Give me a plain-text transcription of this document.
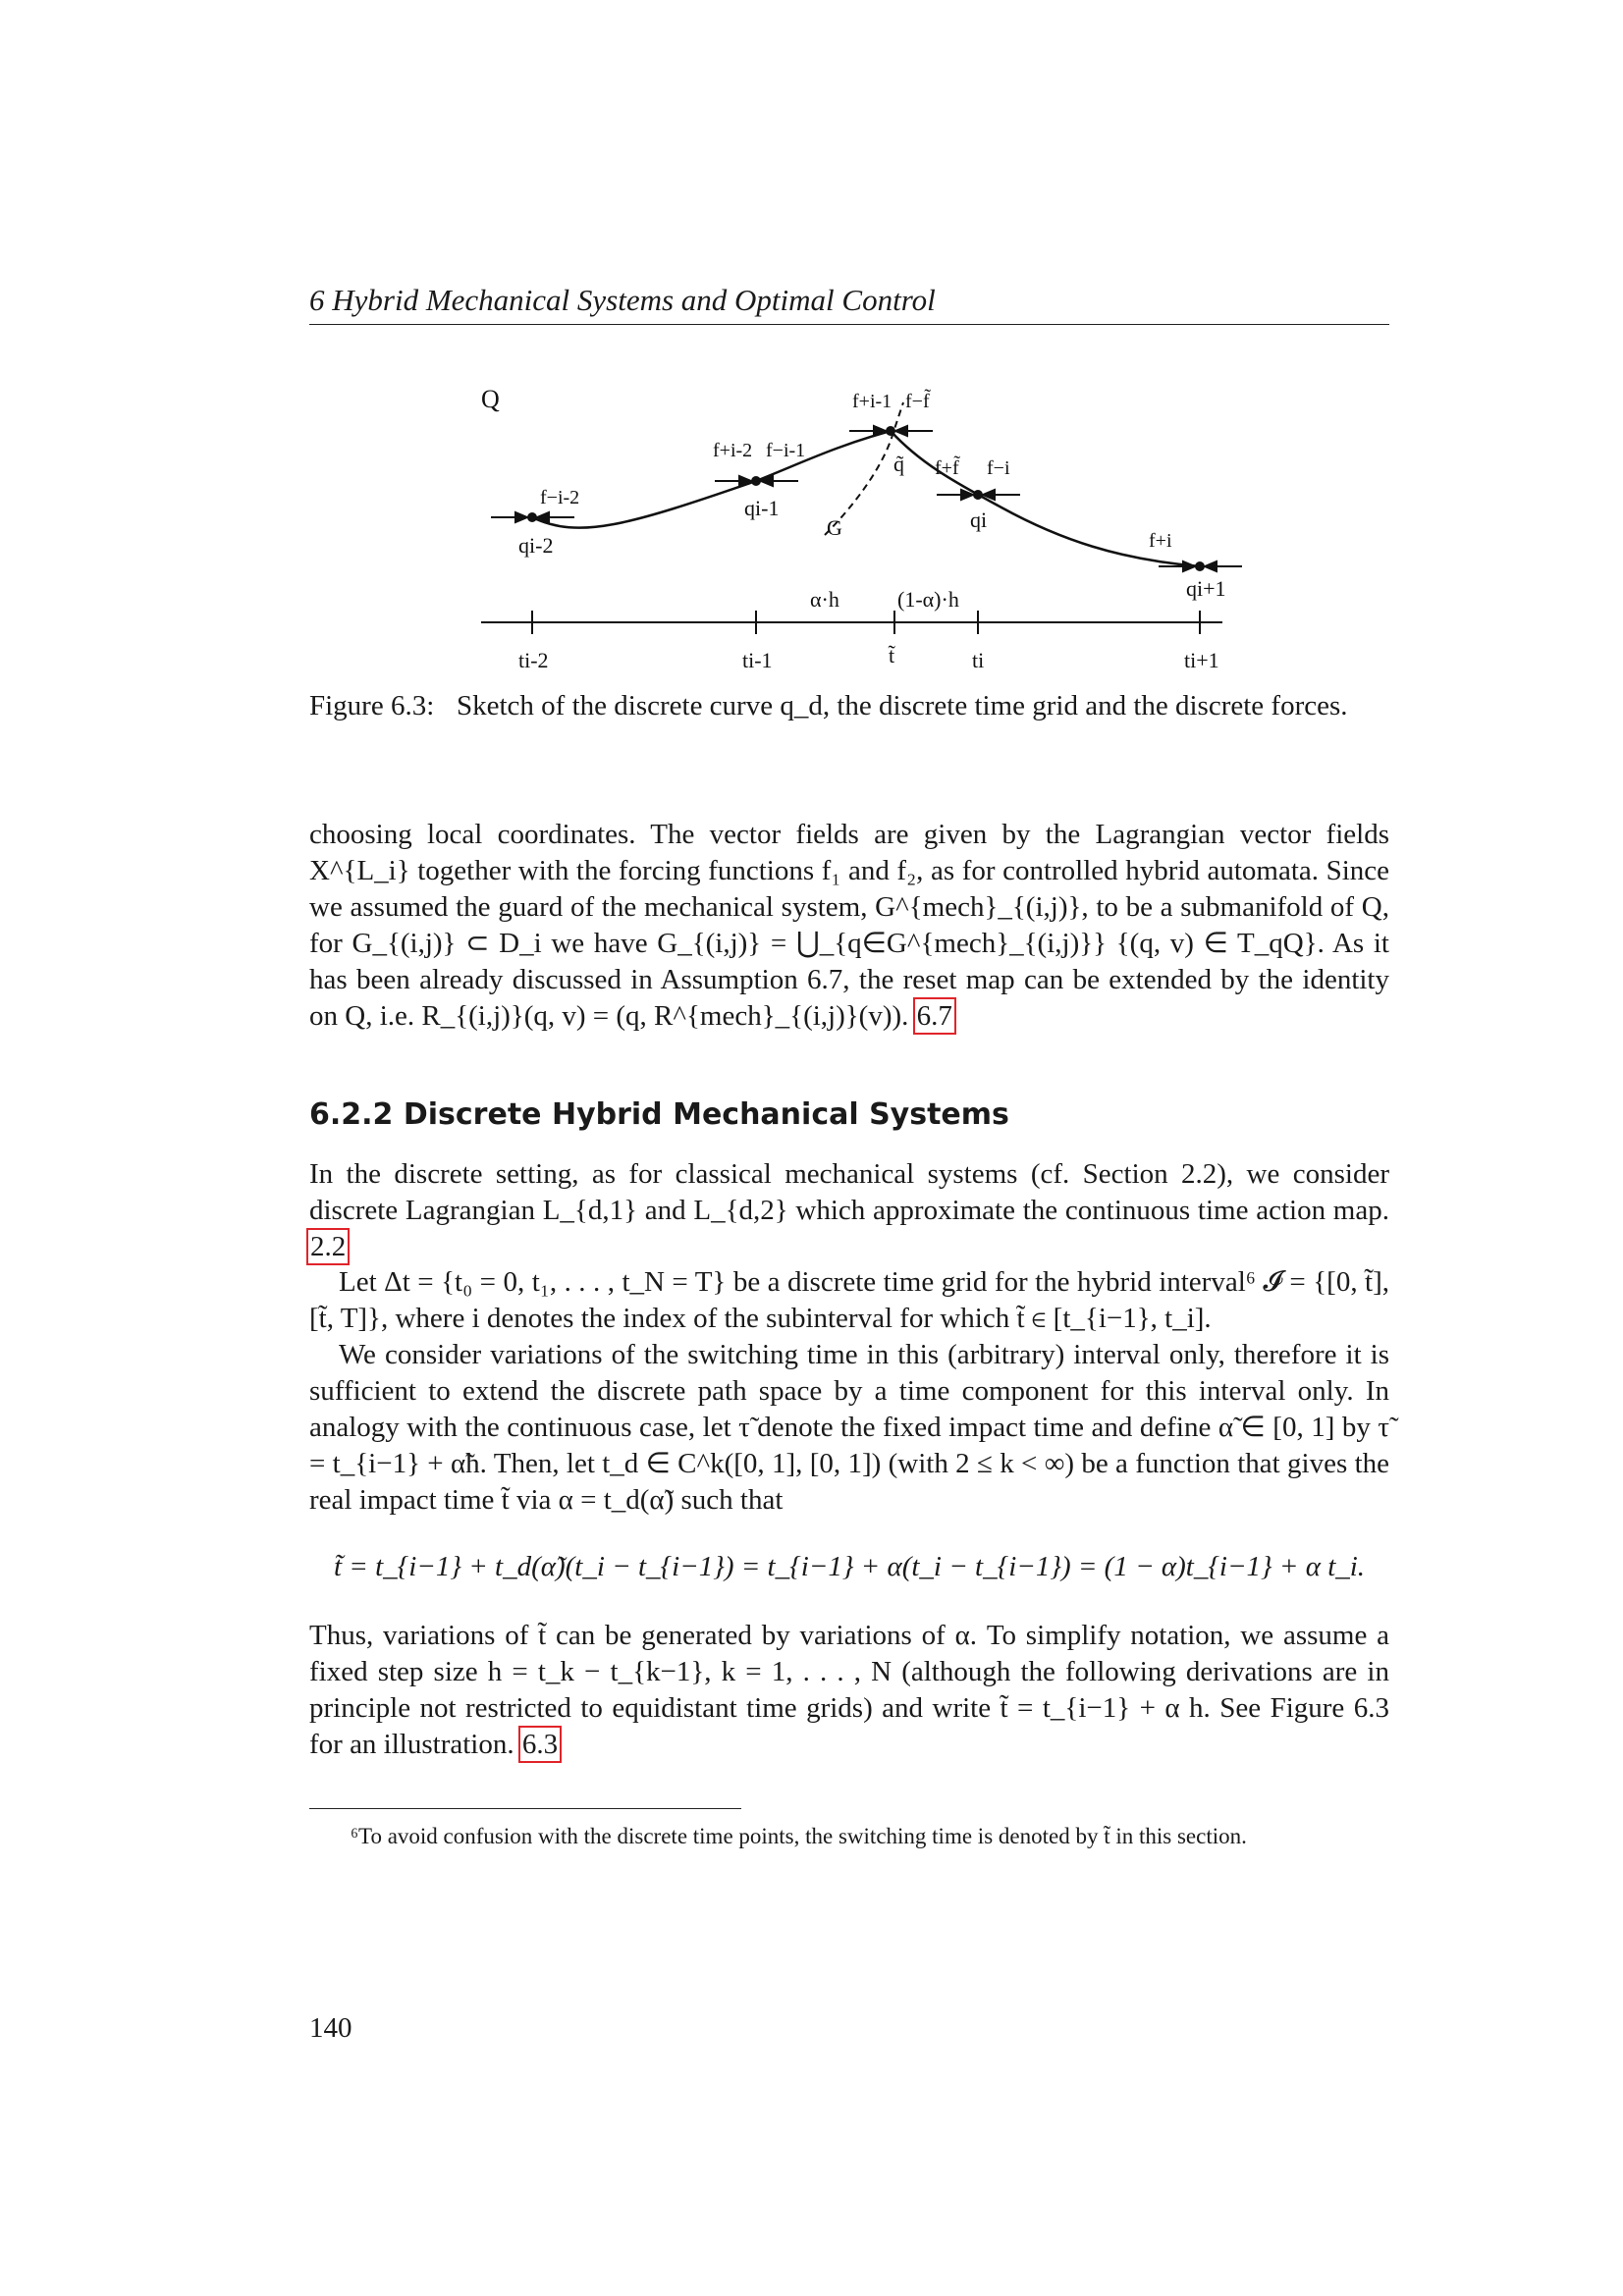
6 Hybrid Mechanical Systems and Optimal Control
Q
qi-2
qi-1
q̃
G	qi
qi+1
f−i-2
f+i-2 f−i-1
f+i-1 f−f̃
f+f̃ f−i
f+i
α·h	(1-α)·h
ti-2	ti-1	t̃	ti	ti+1
Figure 6.3: Sketch of the discrete curve q_d, the discrete time grid and the discrete forces.
choosing local coordinates. The vector fields are given by the Lagrangian vector fields X^{L_i} together with the forcing functions f₁ and f₂, as for controlled hybrid automata. Since we assumed the guard of the mechanical system, G^{mech}_{(i,j)}, to be a submanifold of Q, for G_{(i,j)} ⊂ D_i we have G_{(i,j)} = ⋃_{q∈G^{mech}_{(i,j)}} {(q, v) ∈ T_qQ}. As it has been already discussed in Assumption 6.7, the reset map can be extended by the identity on Q, i.e. R_{(i,j)}(q, v) = (q, R^{mech}_{(i,j)}(v)). 6.7
6.2.2 Discrete Hybrid Mechanical Systems
In the discrete setting, as for classical mechanical systems (cf. Section 2.2), we consider discrete Lagrangian L_{d,1} and L_{d,2} which approximate the continuous time action map. 2.2
Let Δt = {t₀ = 0, t₁, . . . , t_N = T} be a discrete time grid for the hybrid interval⁶ 𝓘 = {[0, t̃], [t̃, T]}, where i denotes the index of the subinterval for which t̃ ∈ [t_{i−1}, t_i].
We consider variations of the switching time in this (arbitrary) interval only, therefore it is sufficient to extend the discrete path space by a time component for this interval only. In analogy with the continuous case, let τ̃ denote the fixed impact time and define α̃ ∈ [0, 1] by τ̃ = t_{i−1} + α̃h. Then, let t_d ∈ C^k([0, 1], [0, 1]) (with 2 ≤ k < ∞) be a function that gives the real impact time t̃ via α = t_d(α̃) such that
t̃ = t_{i−1} + t_d(α̃)(t_i − t_{i−1}) = t_{i−1} + α(t_i − t_{i−1}) = (1 − α)t_{i−1} + α t_i.
Thus, variations of t̃ can be generated by variations of α. To simplify notation, we assume a fixed step size h = t_k − t_{k−1}, k = 1, . . . , N (although the following derivations are in principle not restricted to equidistant time grids) and write t̃ = t_{i−1} + α h. See Figure 6.3 for an illustration. 6.3
⁶To avoid confusion with the discrete time points, the switching time is denoted by t̃ in this section.
140
